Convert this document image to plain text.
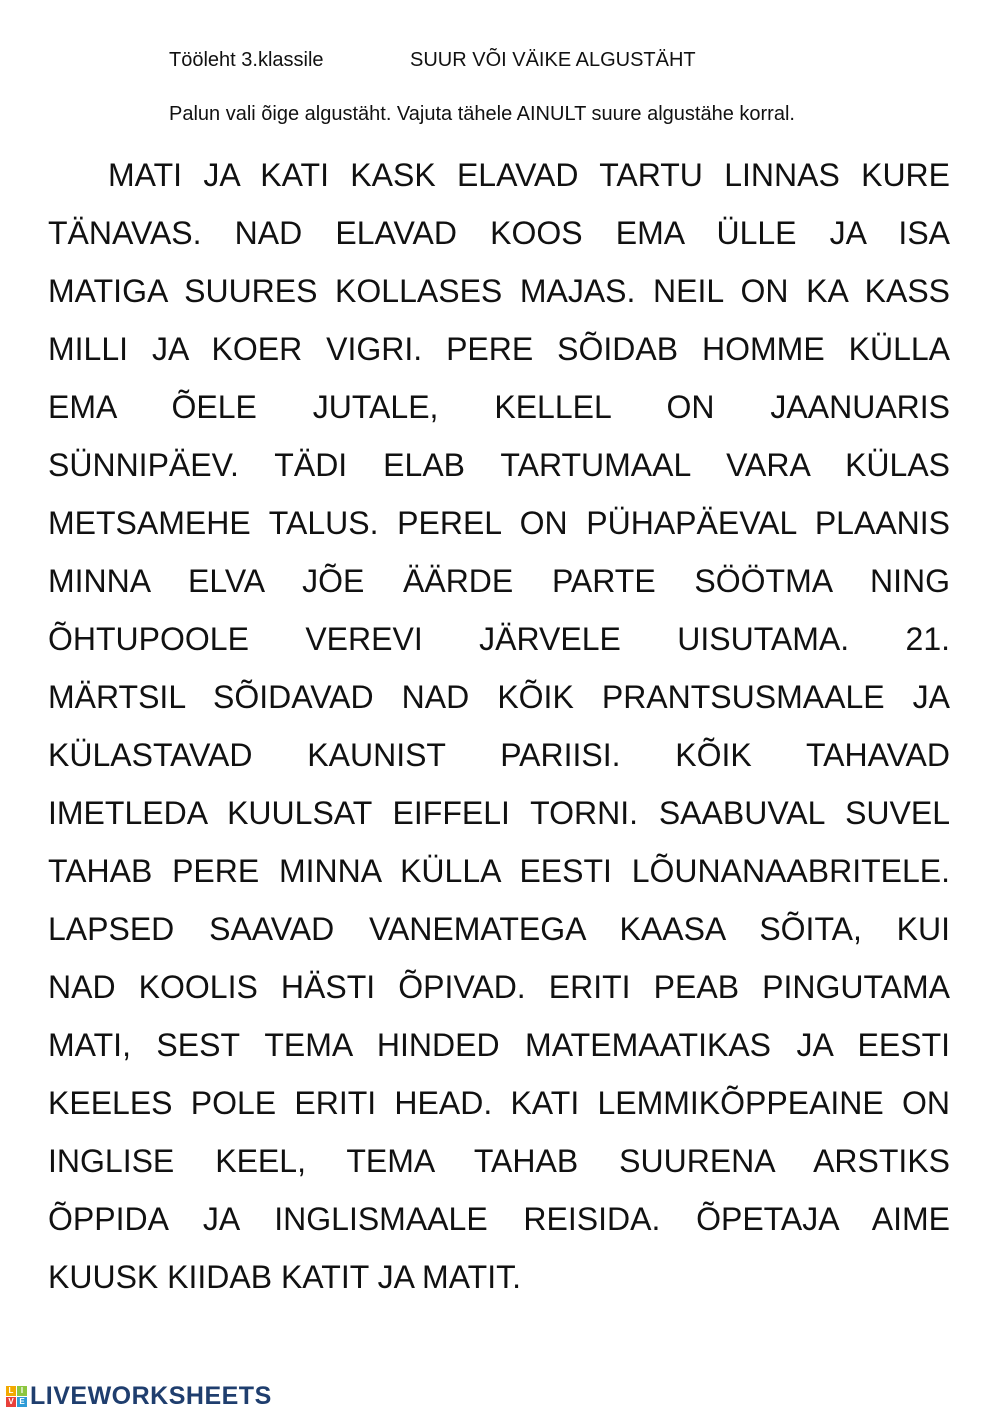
Tööleht 3.klassile	SUUR VÕI VÄIKE ALGUSTÄHT
Palun vali õige algustäht. Vajuta tähele AINULT suure algustähe korral.
MATI JA KATI KASK ELAVAD TARTU LINNAS KURE
TÄNAVAS. NAD ELAVAD KOOS EMA ÜLLE JA ISA
MATIGA SUURES KOLLASES MAJAS. NEIL ON KA KASS
MILLI JA KOER VIGRI. PERE SÕIDAB HOMME KÜLLA
EMA ÕELE JUTALE, KELLEL ON JAANUARIS
SÜNNIPÄEV. TÄDI ELAB TARTUMAAL VARA KÜLAS
METSAMEHE TALUS. PEREL ON PÜHAPÄEVAL PLAANIS
MINNA ELVA JÕE ÄÄRDE PARTE SÖÖTMA NING
ÕHTUPOOLE VEREVI JÄRVELE UISUTAMA. 21.
MÄRTSIL SÕIDAVAD NAD KÕIK PRANTSUSMAALE JA
KÜLASTAVAD KAUNIST PARIISI. KÕIK TAHAVAD
IMETLEDA KUULSAT EIFFELI TORNI. SAABUVAL SUVEL
TAHAB PERE MINNA KÜLLA EESTI LÕUNANAABRITELE.
LAPSED SAAVAD VANEMATEGA KAASA SÕITA, KUI
NAD KOOLIS HÄSTI ÕPIVAD. ERITI PEAB PINGUTAMA
MATI, SEST TEMA HINDED MATEMAATIKAS JA EESTI
KEELES POLE ERITI HEAD. KATI LEMMIKÕPPEAINE ON
INGLISE KEEL, TEMA TAHAB SUURENA ARSTIKS
ÕPPIDA JA INGLISMAALE REISIDA. ÕPETAJA AIME
KUUSK KIIDAB KATIT JA MATIT.
L I
V E LIVEWORKSHEETS
